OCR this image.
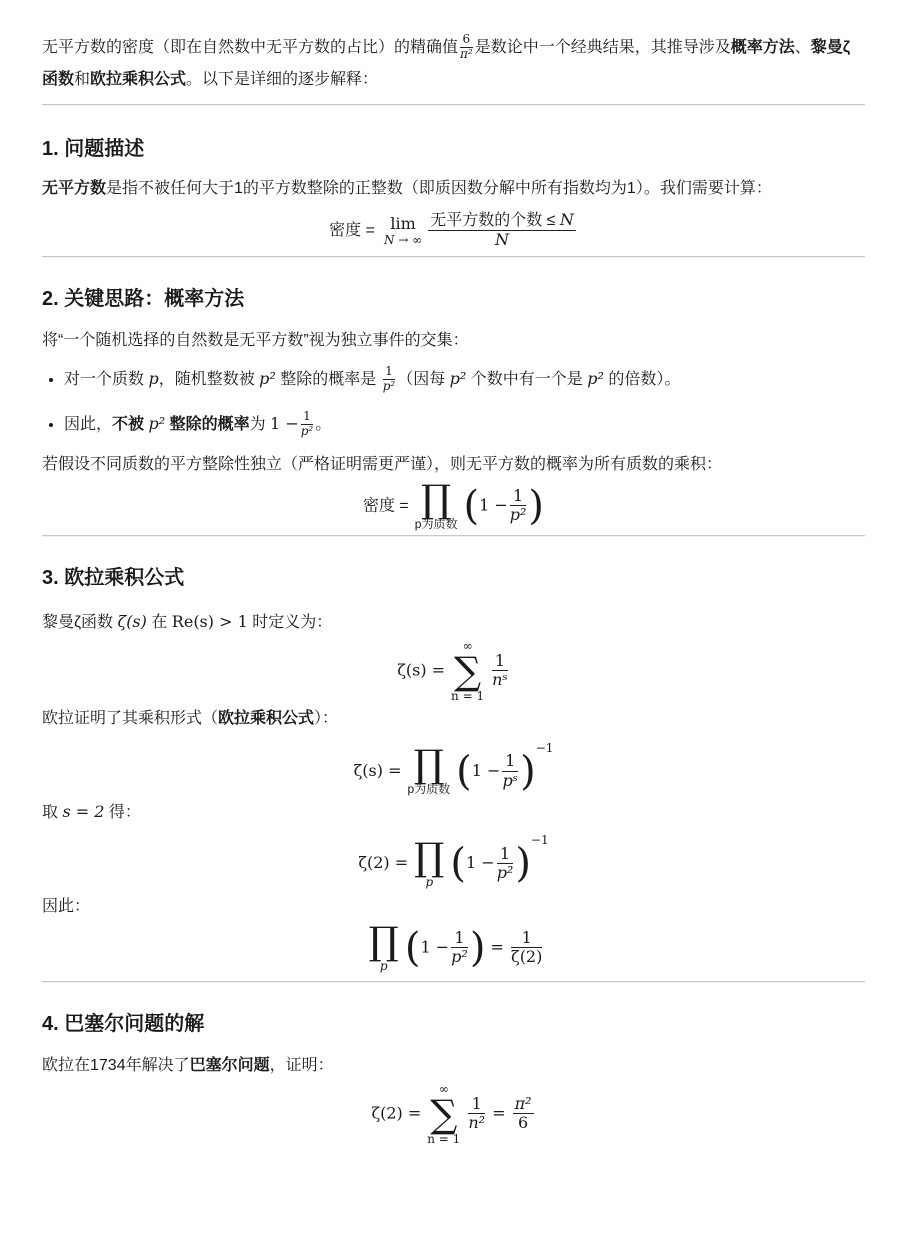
无平方数的密度（即在自然数中无平方数的占比）的精确值 $\frac{6}{\text{π²}}$ 是数论中一个经典结果，其推导涉及概率方法、黎曼ζ函数和欧拉乘积公式。以下是详细的逐步解释：

1. 问题描述

无平方数是指不被任何大于1的平方数整除的正整数（即质因数分解中所有指数均为1）。我们需要计算：

密度 = lim
N → ∞ $\frac{\text{无平方数的个数 ≤ N}}{N}$
2. 关键思路：概率方法

将“一个随机选择的自然数是无平方数”视为独立事件的交集：

• 对一个质数 p，随机整数被 p² 整除的概率是 $\frac{1}{\text{p²}}$ （因每 p² 个数中有一个是 p² 的倍数）。
• 因此，不被 p² 整除的概率为 $1 - \frac{1}{\text{p²}}$ 。

若假设不同质数的平方整除性独立（严格证明需更严谨），则无平方数的概率为所有质数的乘积：

密度 = ∏
p为质数 ($1 - \frac{1}{\text{p²}}$ )
3. 欧拉乘积公式

黎曼ζ函数 ζ(s) 在 Re(s) > 1 时定义为：

ζ(s) =
∞
∑
n = 1
$\frac{1}{\text{nˢ}}$

欧拉证明了其乘积形式（欧拉乘积公式）：

ζ(s) = ∏
p为质数 $(1 - \frac{1}{\text{pˢ}} )^{-1}$

取 s = 2 得：

ζ(2) = ∏
p $(1 - \frac{1}{\text{p²}} )^{-1}$

因此：

∏
p ($1 - \frac{1}{\text{p²}}$ ) = $\frac{1}{\zeta(2)}$
4. 巴塞尔问题的解

欧拉在1734年解决了巴塞尔问题，证明：

ζ(2) =
∞
∑
n = 1
$\frac{1}{\text{n²}} = \frac{\text{π²}}{6}$
